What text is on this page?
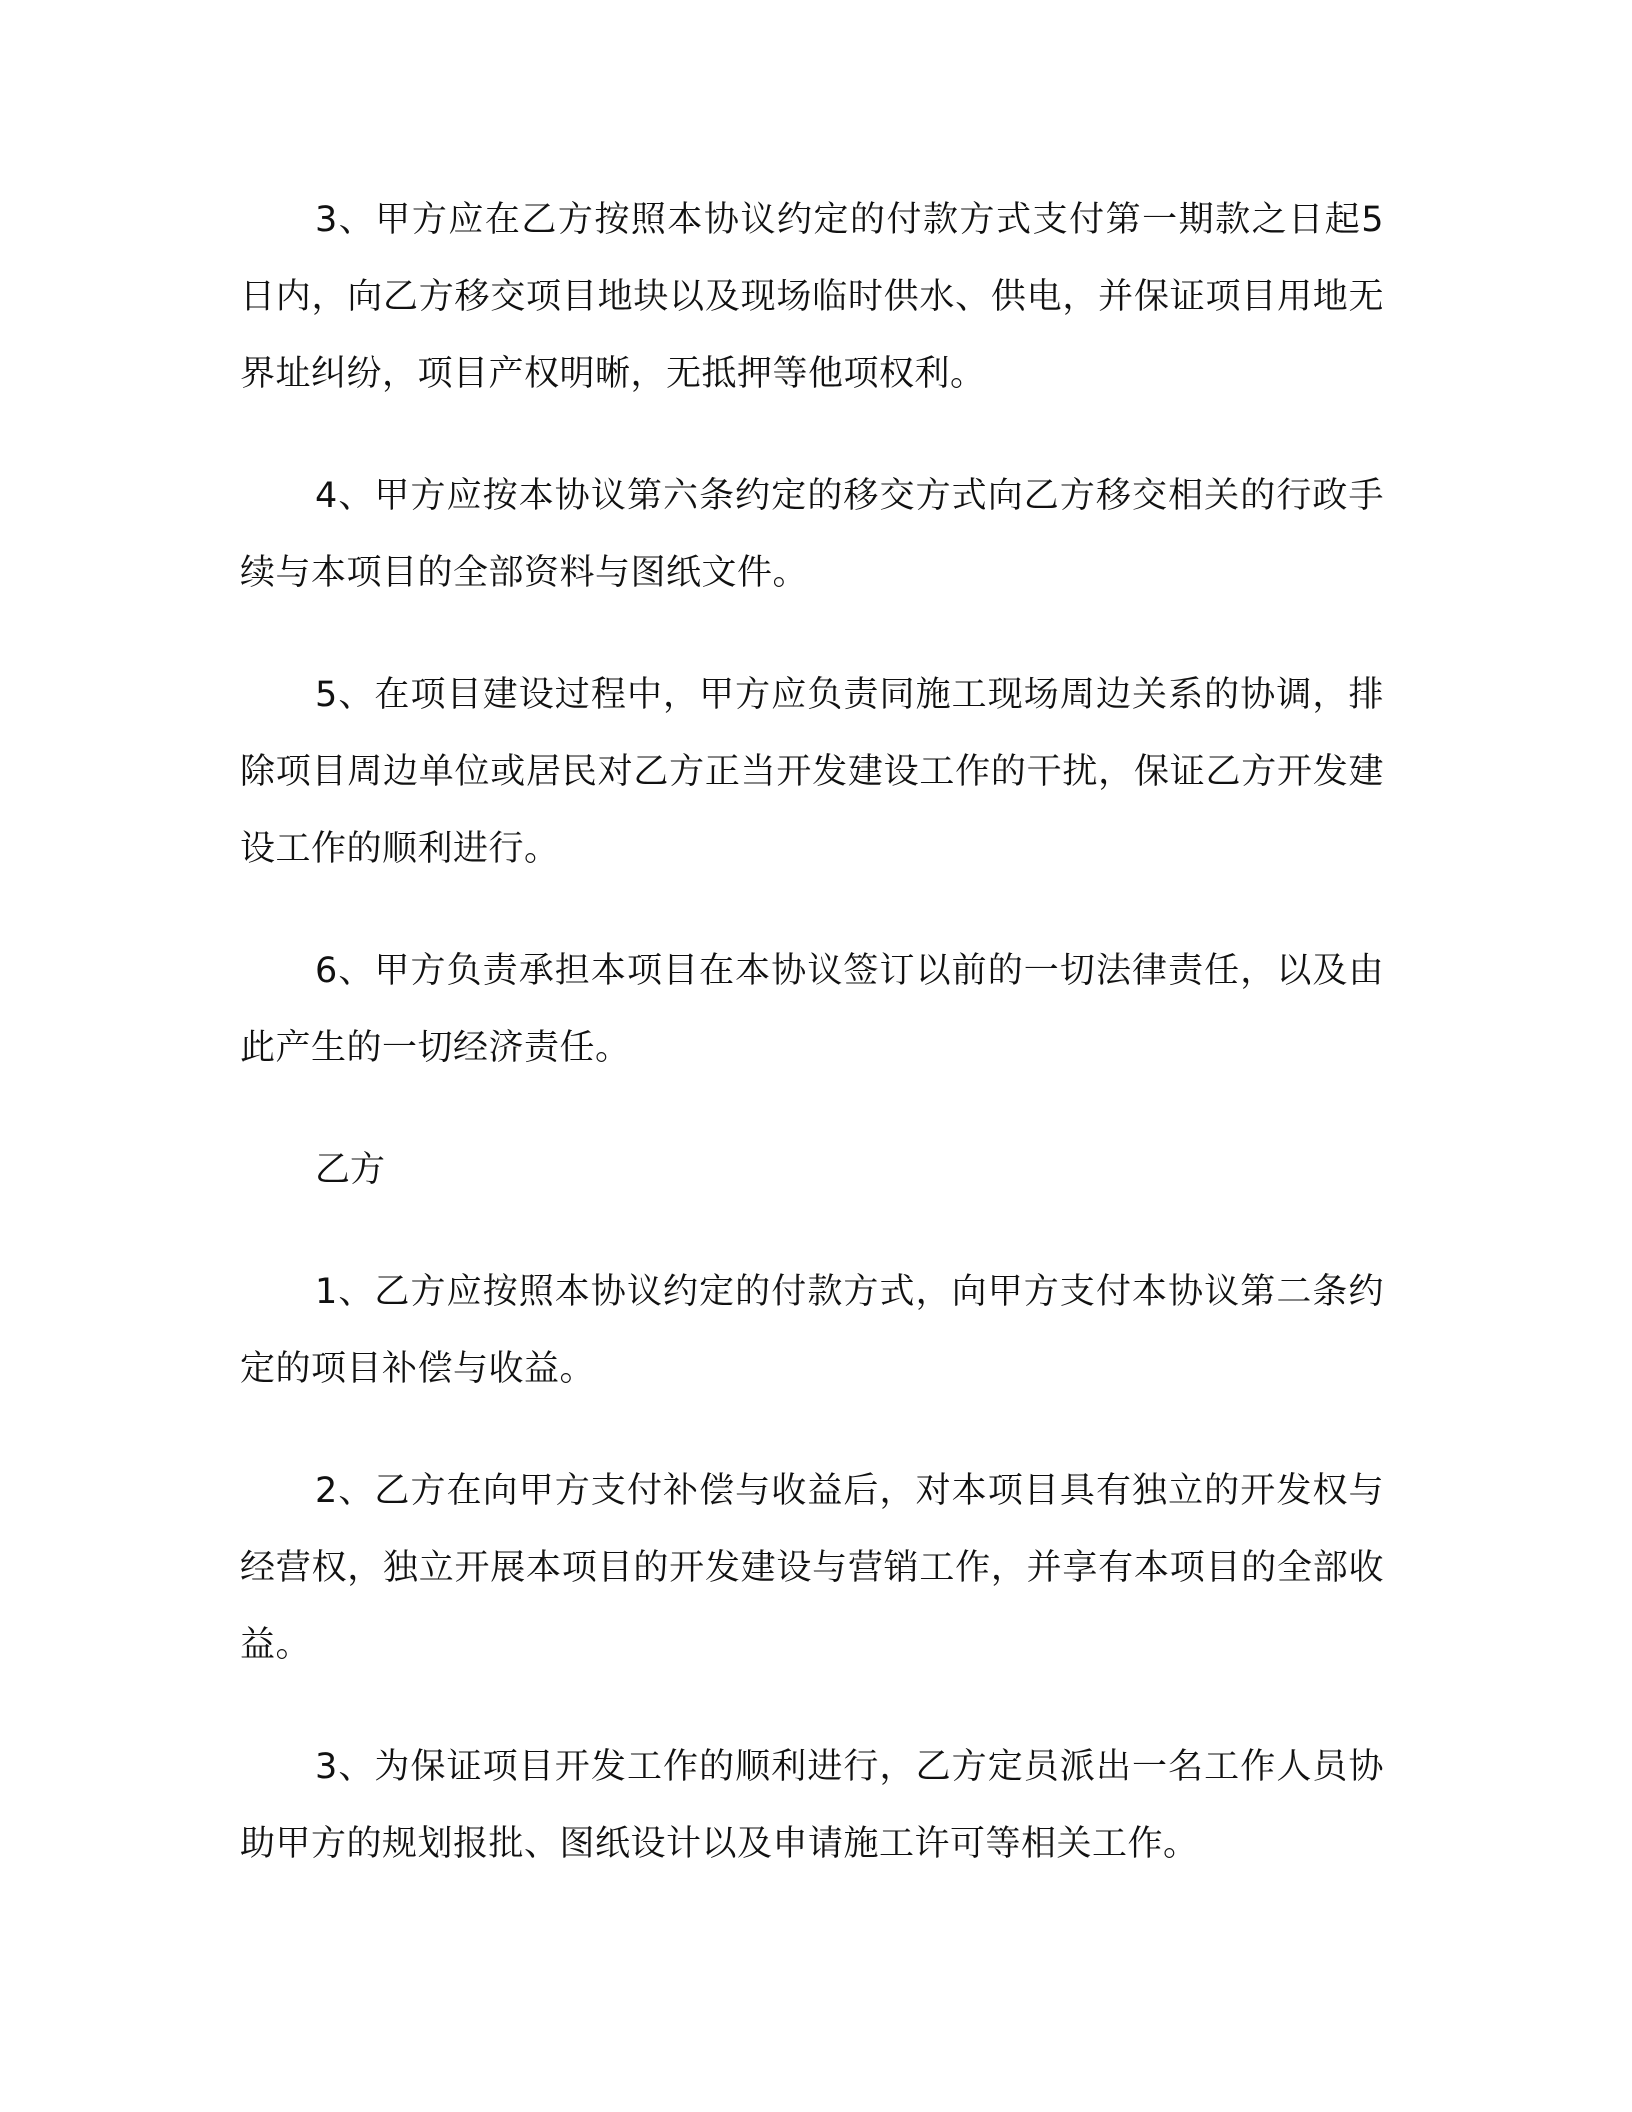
3、甲方应在乙方按照本协议约定的付款方式支付第一期款之日起5 日内，向乙方移交项目地块以及现场临时供水、供电，并保证项目用地无界址纠纷，项目产权明晰，无抵押等他项权利。

4、甲方应按本协议第六条约定的移交方式向乙方移交相关的行政手续与本项目的全部资料与图纸文件。

5、在项目建设过程中，甲方应负责同施工现场周边关系的协调，排除项目周边单位或居民对乙方正当开发建设工作的干扰，保证乙方开发建设工作的顺利进行。

6、甲方负责承担本项目在本协议签订以前的一切法律责任，以及由此产生的一切经济责任。

乙方

1、乙方应按照本协议约定的付款方式，向甲方支付本协议第二条约定的项目补偿与收益。

2、乙方在向甲方支付补偿与收益后，对本项目具有独立的开发权与经营权，独立开展本项目的开发建设与营销工作，并享有本项目的全部收益。

3、为保证项目开发工作的顺利进行，乙方定员派出一名工作人员协助甲方的规划报批、图纸设计以及申请施工许可等相关工作。
